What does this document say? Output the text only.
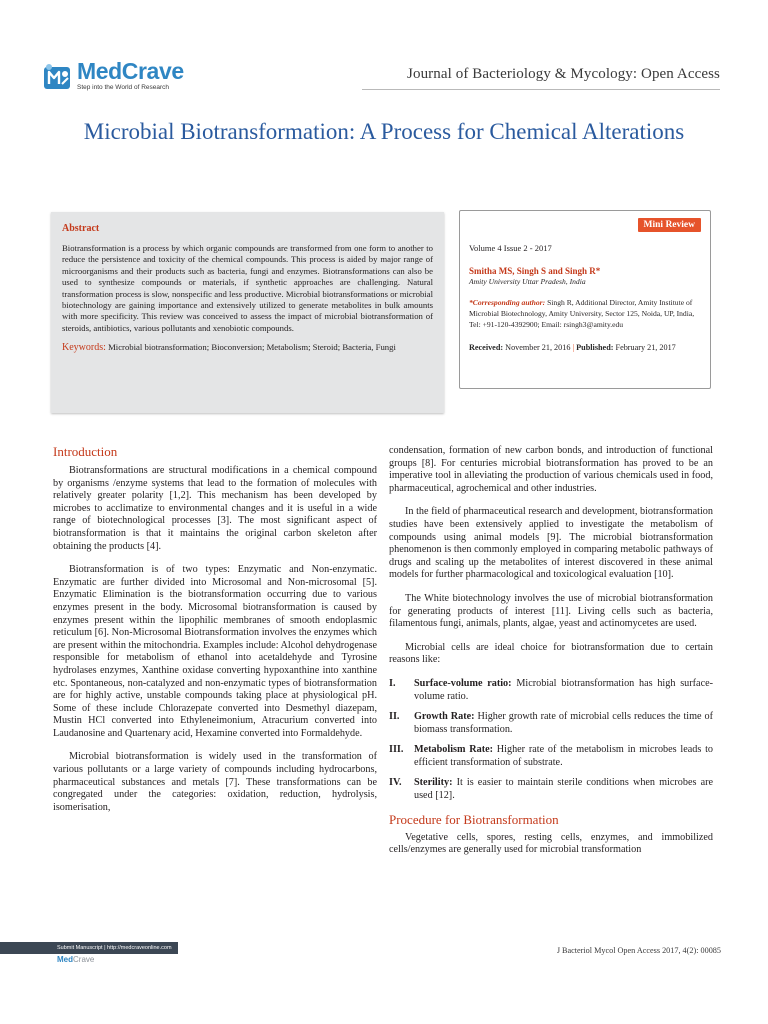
MedCrave
Step into the World of Research
Journal of Bacteriology & Mycology: Open Access
Microbial Biotransformation: A Process for Chemical Alterations
Abstract
Biotransformation is a process by which organic compounds are transformed from one form to another to reduce the persistence and toxicity of the chemical compounds. This process is aided by major range of microorganisms and their products such as bacteria, fungi and enzymes. Biotransformations can also be used to synthesize compounds or materials, if synthetic approaches are challenging. Natural transformation process is slow, nonspecific and less productive. Microbial biotransformations or microbial biotechnology are gaining importance and extensively utilized to generate metabolites in bulk amounts with more specificity. This review was conceived to assess the impact of microbial biotransformation of steroids, antibiotics, various pollutants and xenobiotic compounds.
Keywords: Microbial biotransformation; Bioconversion; Metabolism; Steroid; Bacteria, Fungi
Mini Review
Volume 4 Issue 2 - 2017
Smitha MS, Singh S and Singh R*
Amity University Uttar Pradesh, India
*Corresponding author: Singh R, Additional Director, Amity Institute of Microbial Biotechnology, Amity University, Sector 125, Noida, UP, India, Tel: +91-120-4392900; Email: rsingh3@amity.edu
Received: November 21, 2016 | Published: February 21, 2017
Introduction

Biotransformations are structural modifications in a chemical compound by organisms /enzyme systems that lead to the formation of molecules with relatively greater polarity [1,2]. This mechanism has been developed by microbes to acclimatize to environmental changes and it is useful in a wide range of biotechnological processes [3]. The most significant aspect of biotransformation is that it maintains the original carbon skeleton after obtaining the products [4].

Biotransformation is of two types: Enzymatic and Non-enzymatic. Enzymatic are further divided into Microsomal and Non-microsomal [5]. Enzymatic Elimination is the biotransformation occurring due to various enzymes present in the body. Microsomal biotransformation is caused by enzymes present within the lipophilic membranes of smooth endoplasmic reticulum [6]. Non-Microsomal Biotransformation involves the enzymes which are present within the mitochondria. Examples include: Alcohol dehydrogenase responsible for metabolism of ethanol into acetaldehyde and Tyrosine hydrolases enzymes, Xanthine oxidase converting hypoxanthine into xanthine etc. Spontaneous, non-catalyzed and non-enzymatic types of biotransformation are for highly active, unstable compounds taking place at physiological pH. Some of these include Chlorazepate converted into Desmethyl diazepam, Mustin HCl converted into Ethyleneimonium, Atracurium converted into Laudanosine and Quartenary acid, Hexamine converted into Formaldehyde.

Microbial biotransformation is widely used in the transformation of various pollutants or a large variety of compounds including hydrocarbons, pharmaceutical substances and metals [7]. These transformations can be congregated under the categories: oxidation, reduction, hydrolysis, isomerisation,

condensation, formation of new carbon bonds, and introduction of functional groups [8]. For centuries microbial biotransformation has proved to be an imperative tool in alleviating the production of various chemicals used in food, pharmaceutical, agrochemical and other industries.

In the field of pharmaceutical research and development, biotransformation studies have been extensively applied to investigate the metabolism of compounds using animal models [9]. The microbial biotransformation phenomenon is then commonly employed in comparing metabolic pathways of drugs and scaling up the metabolites of interest discovered in these animal models for further pharmacological and toxicological evaluation [10].

The White biotechnology involves the use of microbial biotransformation for generating products of interest [11]. Living cells such as bacteria, filamentous fungi, animals, plants, algae, yeast and actinomycetes are used.

Microbial cells are ideal choice for biotransformation due to certain reasons like:

I.	Surface-volume ratio: Microbial biotransformation has high surface-volume ratio.
II.	Growth Rate: Higher growth rate of microbial cells reduces the time of biomass transformation.
III.	Metabolism Rate: Higher rate of the metabolism in microbes leads to efficient transformation of substrate.
IV.	Sterility: It is easier to maintain sterile conditions when microbes are used [12].
Procedure for Biotransformation

Vegetative cells, spores, resting cells, enzymes, and immobilized cells/enzymes are generally used for microbial transformation

Submit Manuscript | http://medcraveonline.com
MedCrave
J Bacteriol Mycol Open Access 2017, 4(2): 00085
